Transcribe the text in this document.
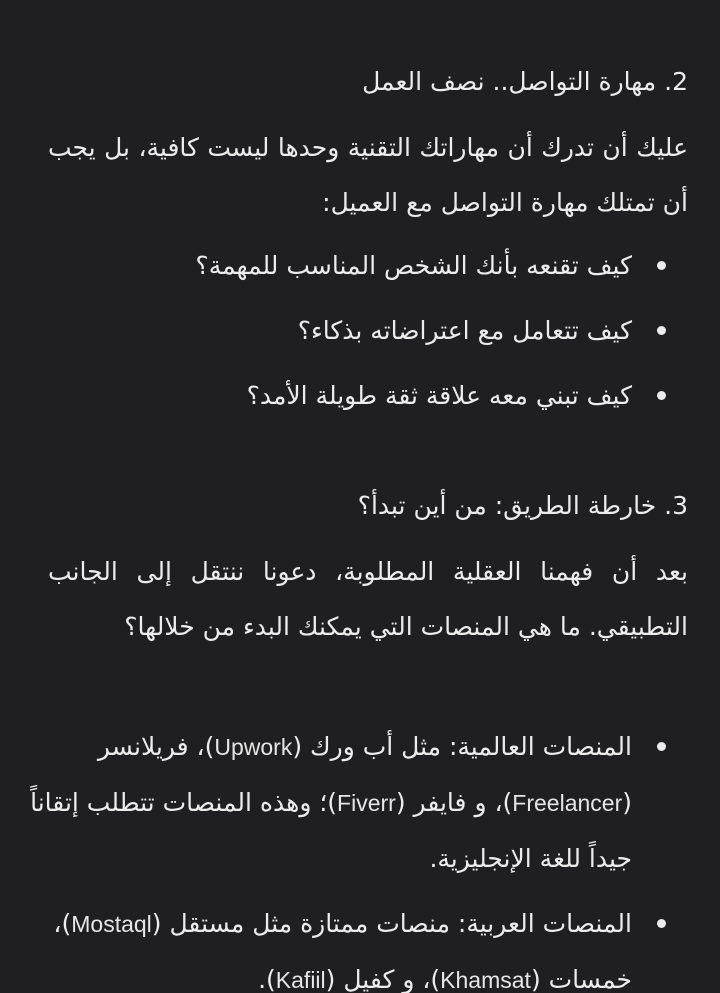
2. مهارة التواصل.. نصف العمل
عليك أن تدرك أن مهاراتك التقنية وحدها ليست كافية، بل يجب أن تمتلك مهارة التواصل مع العميل:
كيف تقنعه بأنك الشخص المناسب للمهمة؟
كيف تتعامل مع اعتراضاته بذكاء؟
كيف تبني معه علاقة ثقة طويلة الأمد؟
3. خارطة الطريق: من أين تبدأ؟
بعد أن فهمنا العقلية المطلوبة، دعونا ننتقل إلى الجانب التطبيقي. ما هي المنصات التي يمكنك البدء من خلالها؟
المنصات العالمية: مثل أب ورك (Upwork)، فريلانسر (Freelancer)، و فايفر (Fiverr)؛ وهذه المنصات تتطلب إتقاناً جيداً للغة الإنجليزية.
المنصات العربية: منصات ممتازة مثل مستقل (Mostaql)، خمسات (Khamsat)، و كفيل (Kafiil).
